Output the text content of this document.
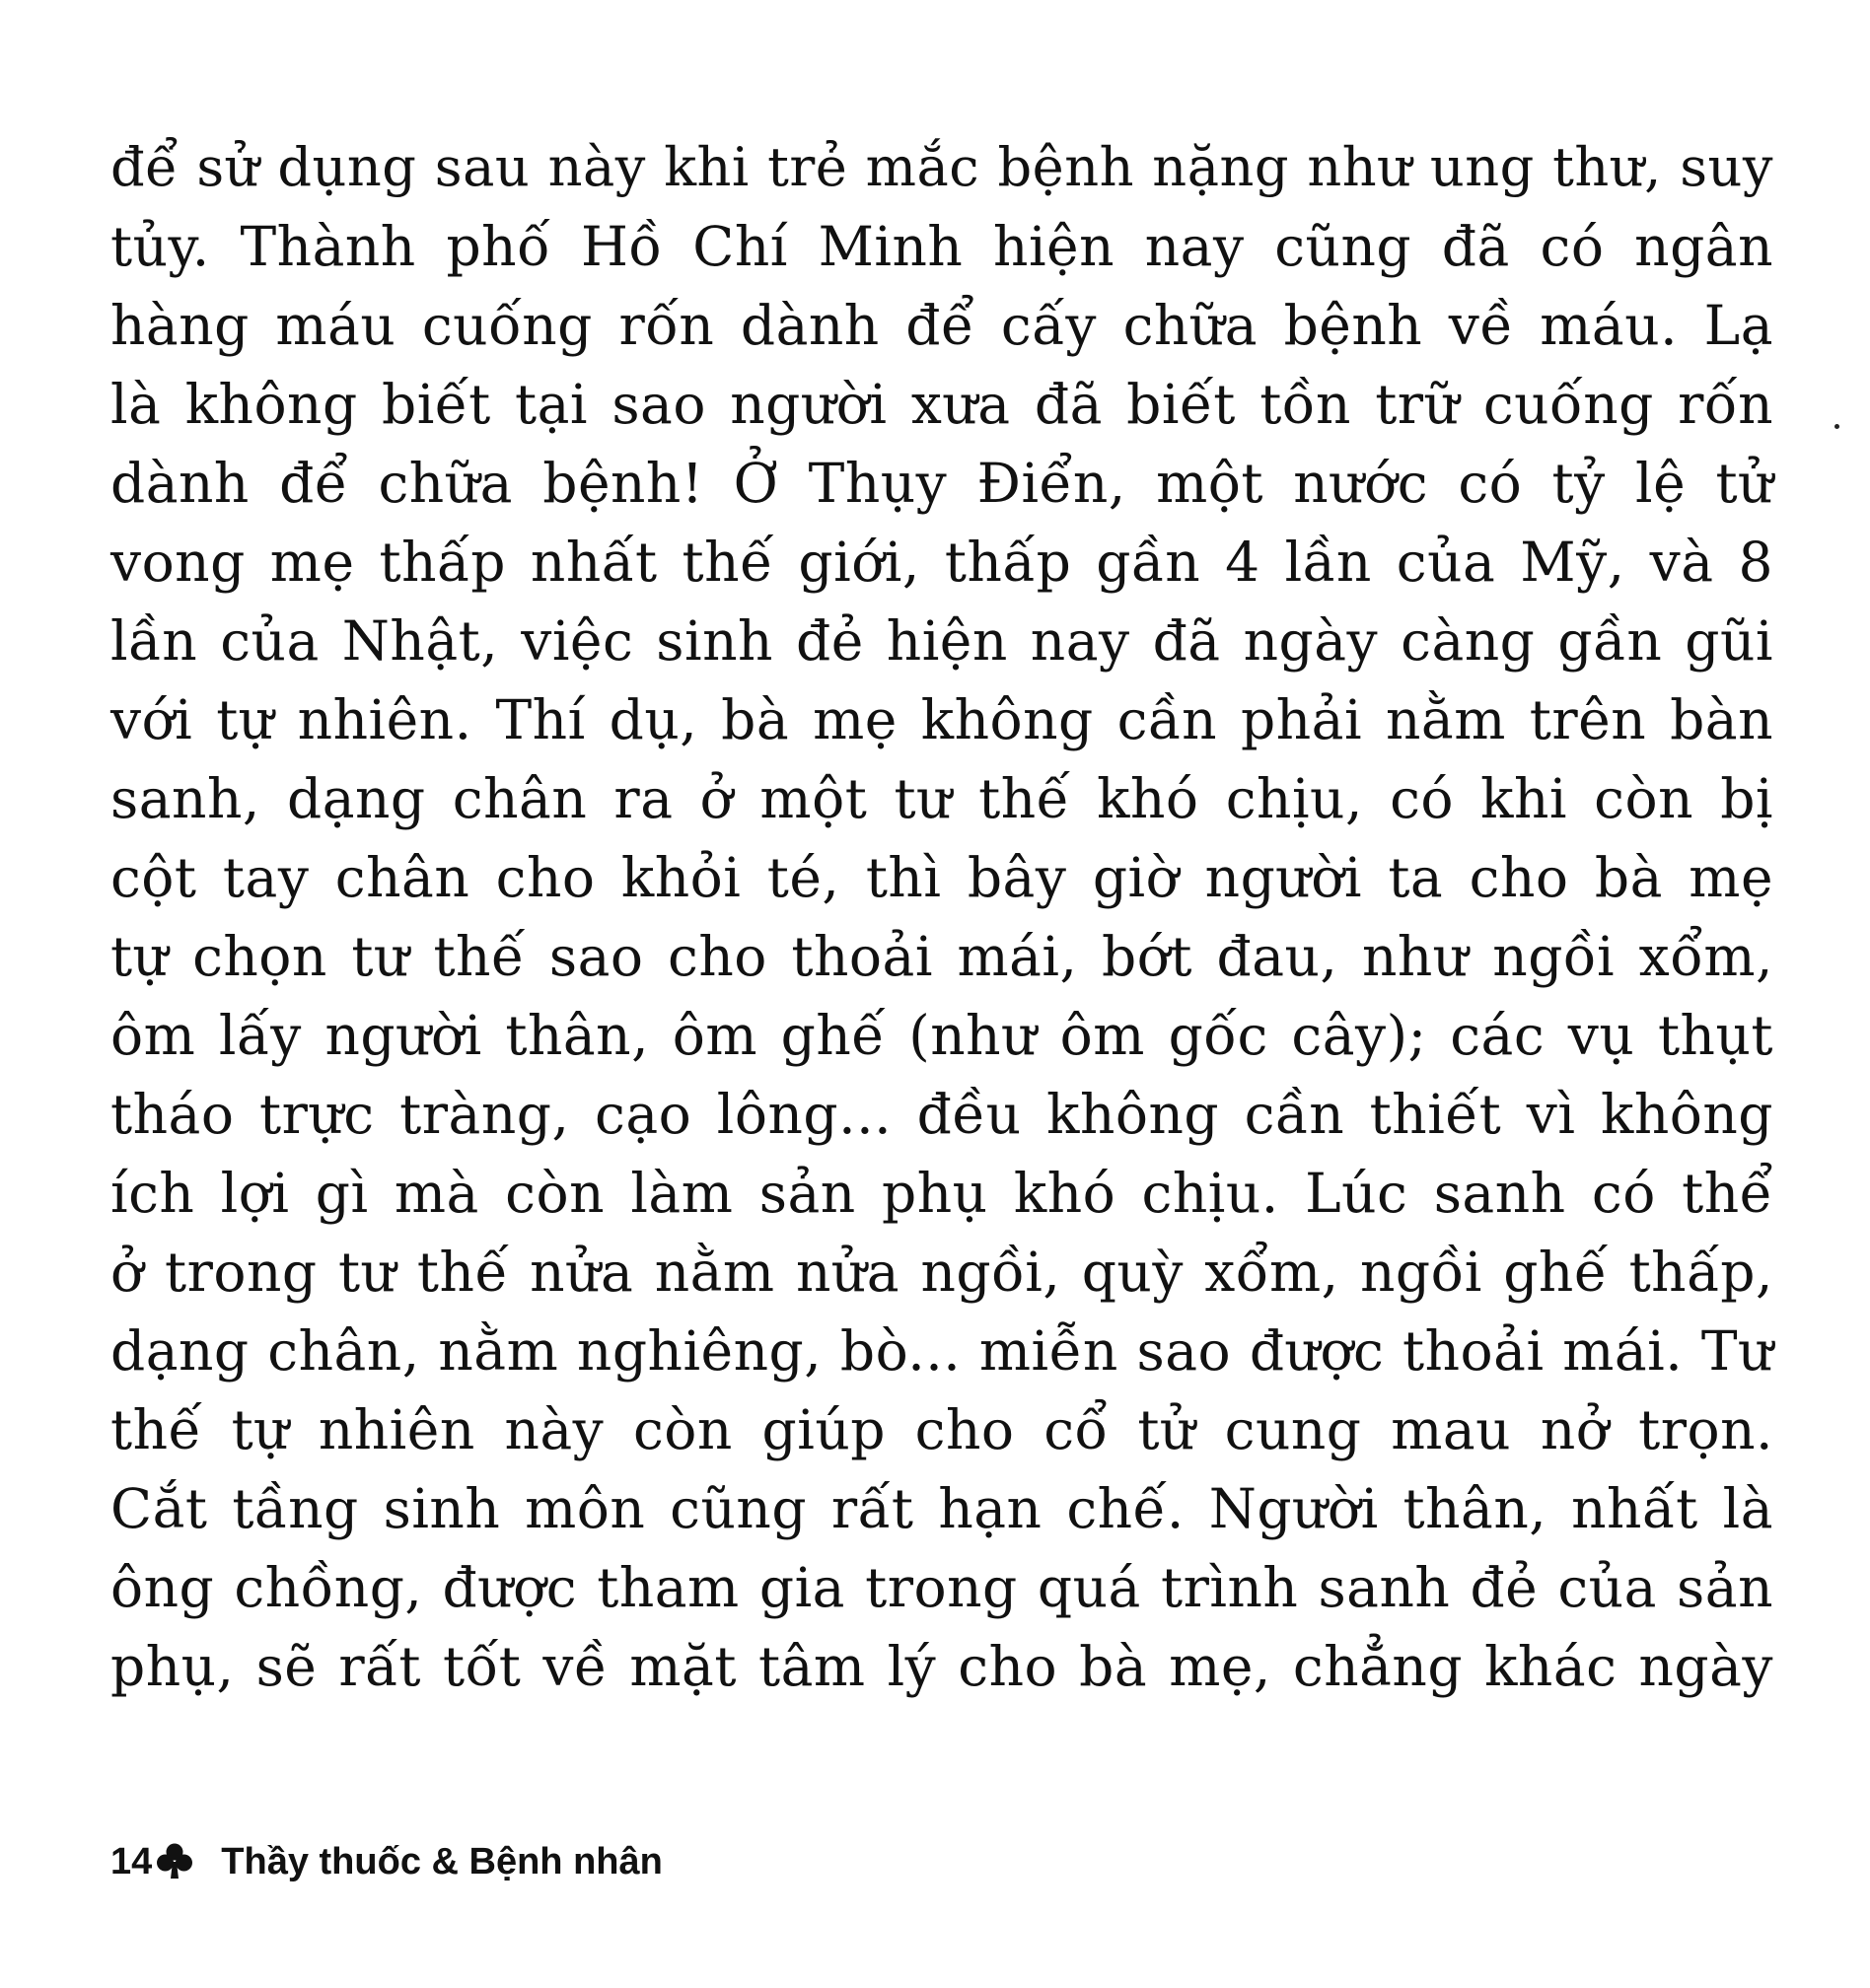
để sử dụng sau này khi trẻ mắc bệnh nặng như ung thư, suy
tủy. Thành phố Hồ Chí Minh hiện nay cũng đã có ngân
hàng máu cuống rốn dành để cấy chữa bệnh về máu. Lạ
là không biết tại sao người xưa đã biết tồn trữ cuống rốn
dành để chữa bệnh! Ở Thụy Điển, một nước có tỷ lệ tử
vong mẹ thấp nhất thế giới, thấp gần 4 lần của Mỹ, và 8
lần của Nhật, việc sinh đẻ hiện nay đã ngày càng gần gũi
với tự nhiên. Thí dụ, bà mẹ không cần phải nằm trên bàn
sanh, dạng chân ra ở một tư thế khó chịu, có khi còn bị
cột tay chân cho khỏi té, thì bây giờ người ta cho bà mẹ
tự chọn tư thế sao cho thoải mái, bớt đau, như ngồi xổm,
ôm lấy người thân, ôm ghế (như ôm gốc cây); các vụ thụt
tháo trực tràng, cạo lông... đều không cần thiết vì không
ích lợi gì mà còn làm sản phụ khó chịu. Lúc sanh có thể
ở trong tư thế nửa nằm nửa ngồi, quỳ xổm, ngồi ghế thấp,
dạng chân, nằm nghiêng, bò... miễn sao được thoải mái. Tư
thế tự nhiên này còn giúp cho cổ tử cung mau nở trọn.
Cắt tầng sinh môn cũng rất hạn chế. Người thân, nhất là
ông chồng, được tham gia trong quá trình sanh đẻ của sản
phụ, sẽ rất tốt về mặt tâm lý cho bà mẹ, chẳng khác ngày
14 Thầy thuốc & Bệnh nhân
